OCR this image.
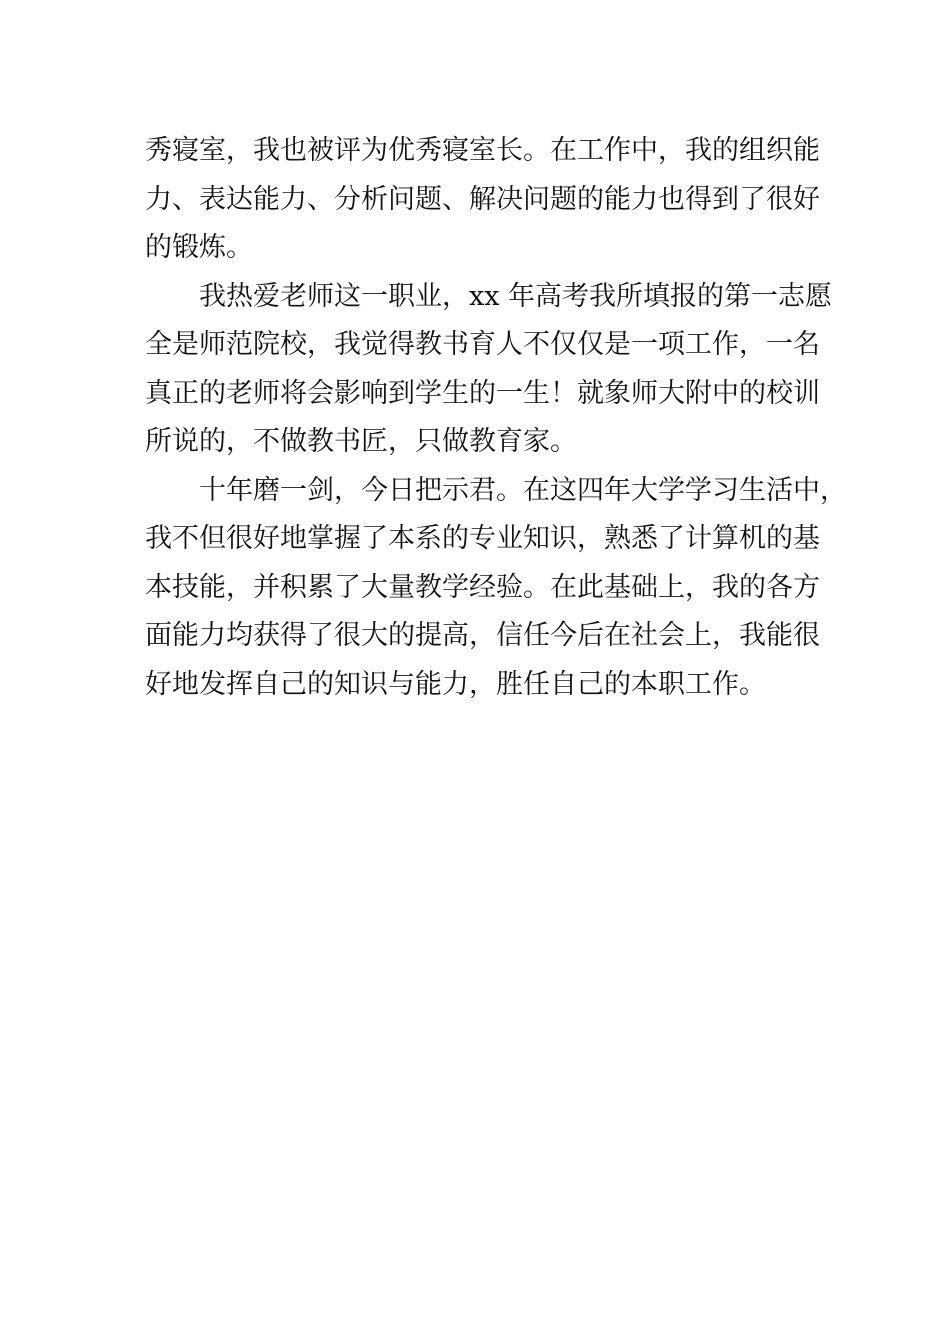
秀寝室，我也被评为优秀寝室长。在工作中，我的组织能
力、表达能力、分析问题、解决问题的能力也得到了很好
的锻炼。
我热爱老师这一职业，xx 年高考我所填报的第一志愿
全是师范院校，我觉得教书育人不仅仅是一项工作，一名
真正的老师将会影响到学生的一生！就象师大附中的校训
所说的，不做教书匠，只做教育家。
十年磨一剑，今日把示君。在这四年大学学习生活中，
我不但很好地掌握了本系的专业知识，熟悉了计算机的基
本技能，并积累了大量教学经验。在此基础上，我的各方
面能力均获得了很大的提高，信任今后在社会上，我能很
好地发挥自己的知识与能力，胜任自己的本职工作。
